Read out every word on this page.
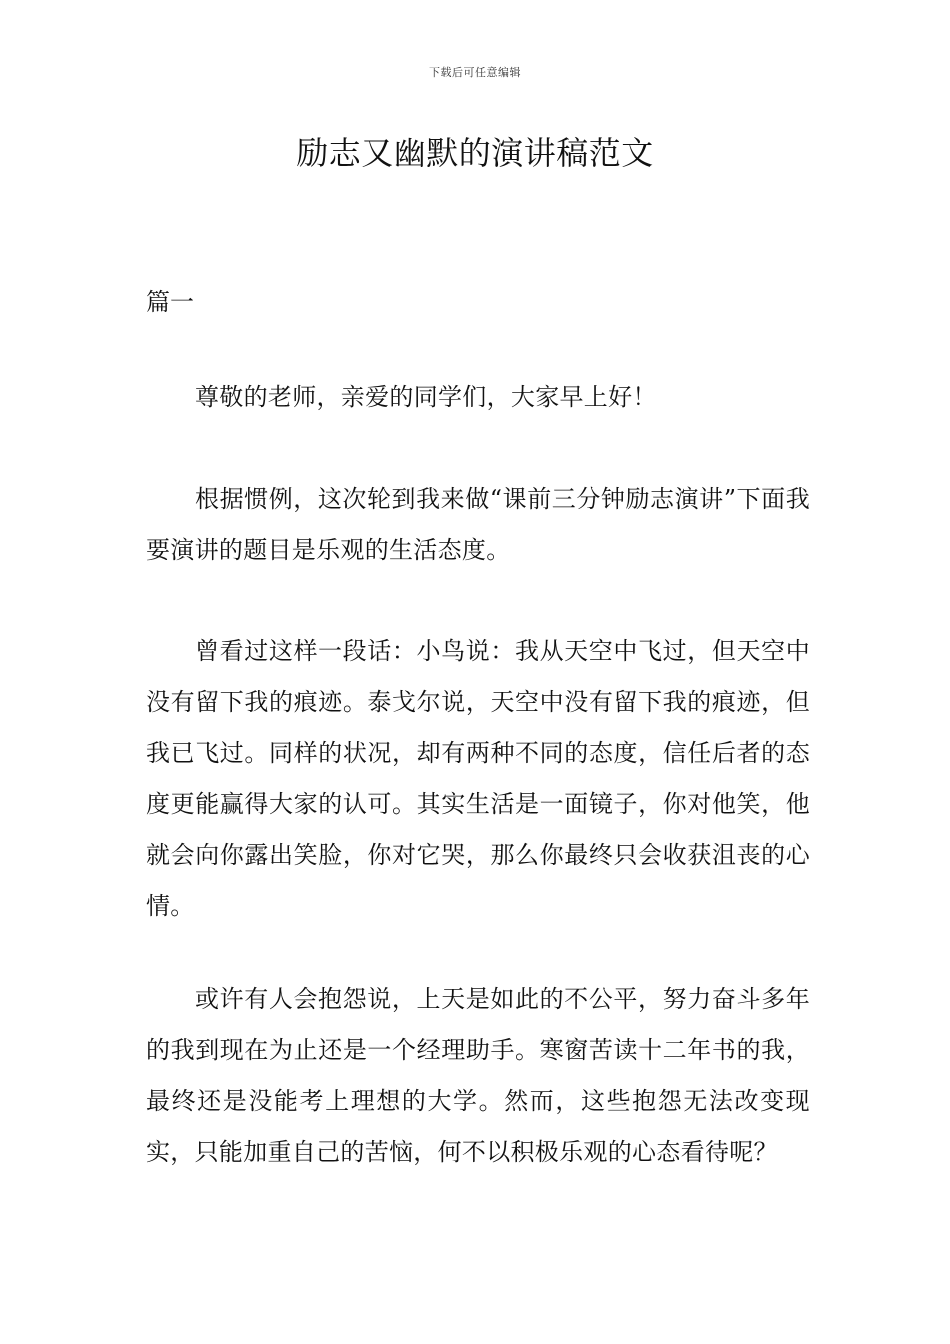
下载后可任意编辑
励志又幽默的演讲稿范文
篇一

尊敬的老师，亲爱的同学们，大家早上好！

根据惯例，这次轮到我来做“课前三分钟励志演讲”下面我要演讲的题目是乐观的生活态度。

曾看过这样一段话：小鸟说：我从天空中飞过，但天空中没有留下我的痕迹。泰戈尔说，天空中没有留下我的痕迹，但我已飞过。同样的状况，却有两种不同的态度，信任后者的态度更能赢得大家的认可。其实生活是一面镜子，你对他笑，他就会向你露出笑脸，你对它哭，那么你最终只会收获沮丧的心情。

或许有人会抱怨说，上天是如此的不公平，努力奋斗多年的我到现在为止还是一个经理助手。寒窗苦读十二年书的我，最终还是没能考上理想的大学。然而，这些抱怨无法改变现实，只能加重自己的苦恼，何不以积极乐观的心态看待呢？
